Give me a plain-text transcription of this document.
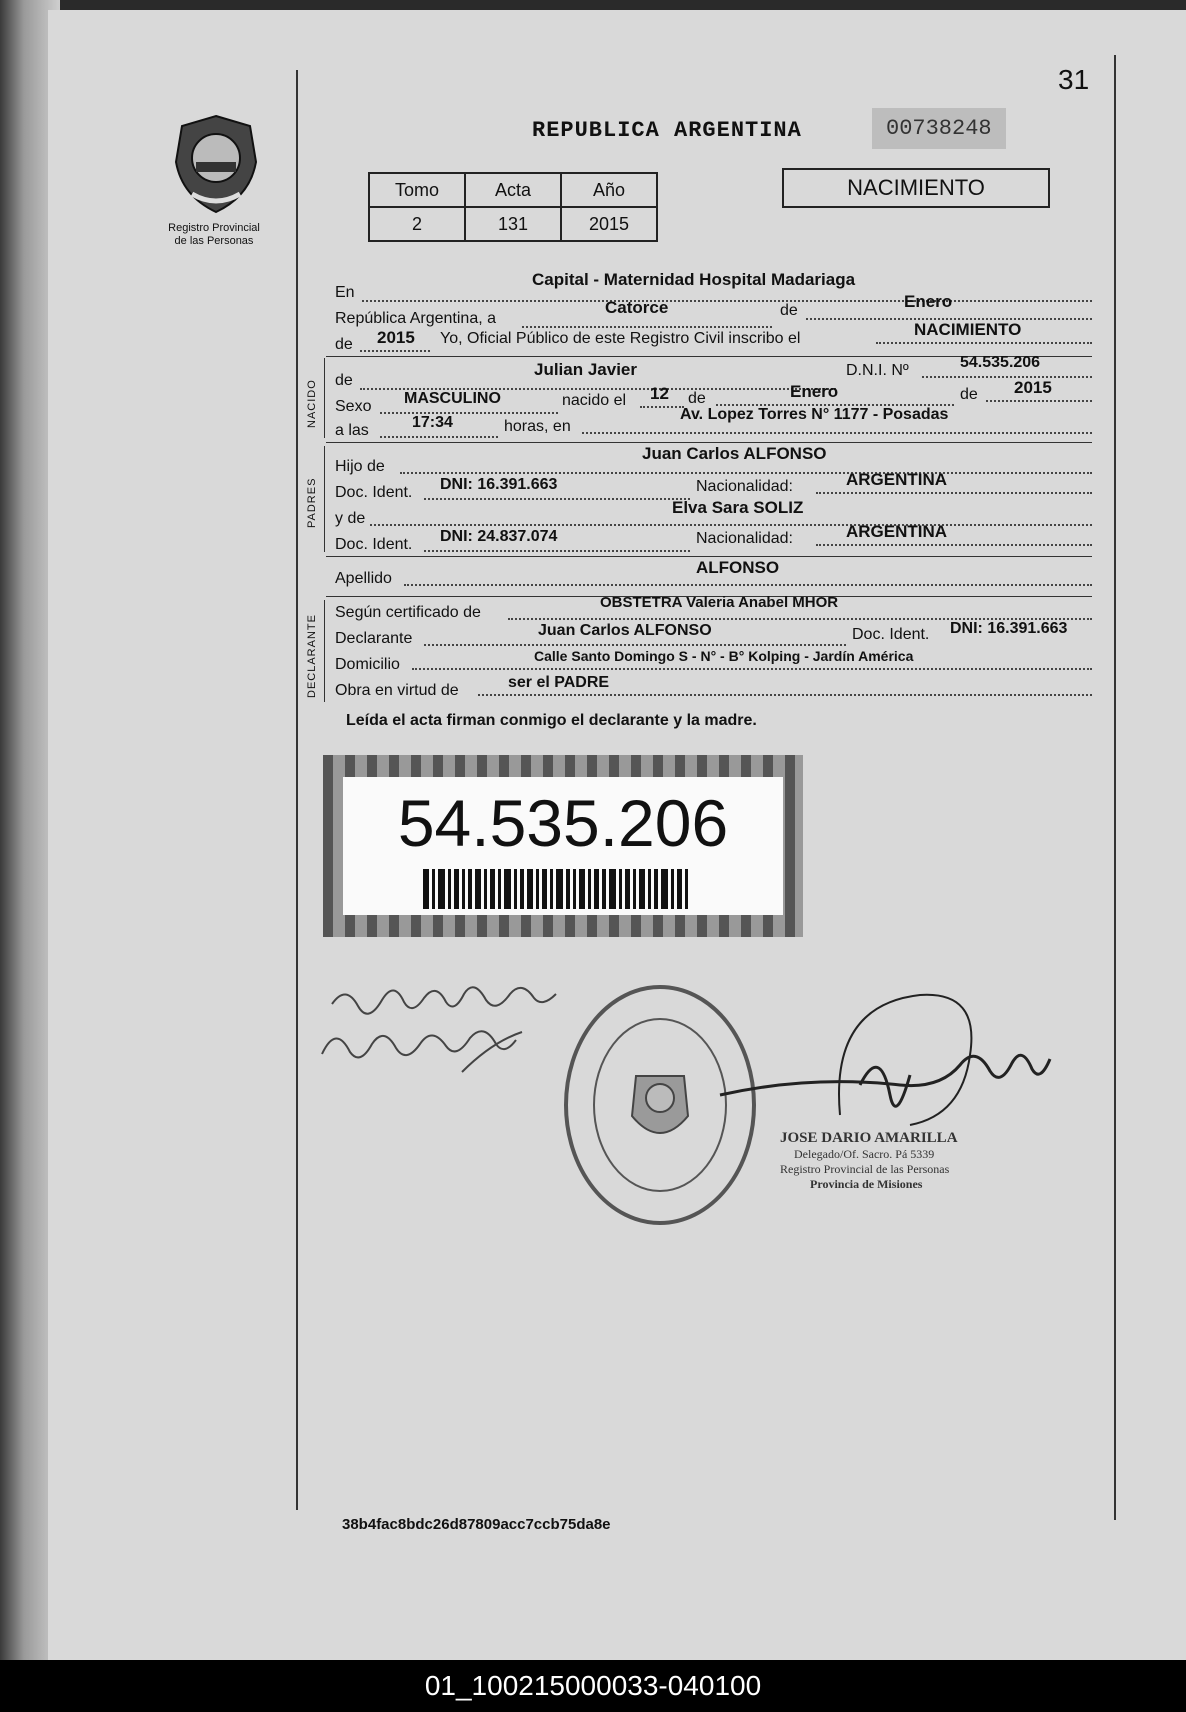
31
Registro Provincial
de las Personas
REPUBLICA ARGENTINA	00738248
Tomo	Acta	Año
2	131	2015
NACIMIENTO
En
Capital - Maternidad Hospital Madariaga
República Argentina, a
Catorce	de	Enero
de 2015 Yo, Oficial Público de este Registro Civil inscribo el	NACIMIENTO
NACIDO de
Julian Javier	D.N.I. Nº	54.535.206
Sexo MASCULINO	nacido el 12 de	Enero	de 2015
a las	17:34	horas, en
Av. Lopez Torres N° 1177 - Posadas
PADRES
Hijo de
Juan Carlos ALFONSO
Doc. Ident. DNI: 16.391.663	Nacionalidad:	ARGENTINA
y de
Elva Sara SOLIZ
Doc. Ident. DNI: 24.837.074	Nacionalidad:	ARGENTINA
Apellido
ALFONSO
DECLARANTE
Según certificado de
OBSTETRA Valeria Anabel MHOR
Declarante	Juan Carlos ALFONSO	Doc. Ident. DNI: 16.391.663
Domicilio	Calle Santo Domingo S - N° - B° Kolping - Jardín América
Obra en virtud de	ser el PADRE
Leída el acta firman conmigo el declarante y la madre.
54.535.206
JOSE DARIO AMARILLA
Delegado/Of. Sacro. Pá 5339
Registro Provincial de las Personas
Provincia de Misiones
38b4fac8bdc26d87809acc7ccb75da8e
01_100215000033-040100
